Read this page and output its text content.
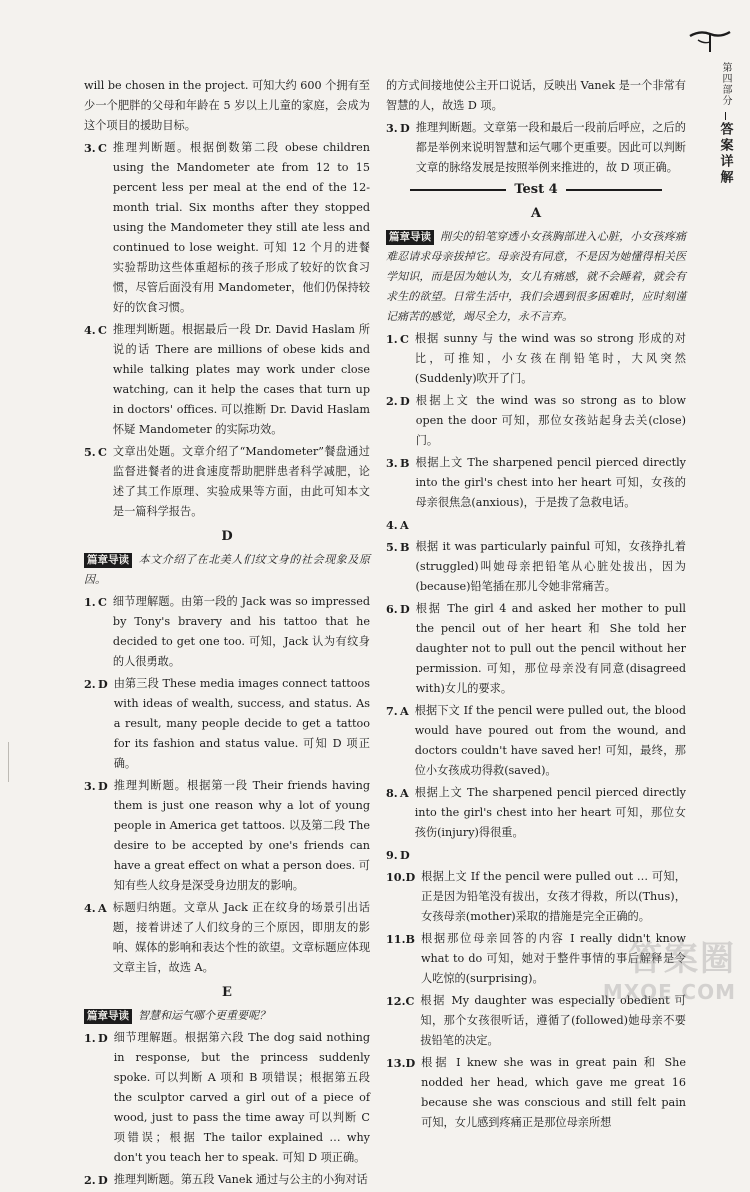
第四部分
答案详解

will be chosen in the project. 可知大约 600 个拥有至少一个肥胖的父母和年龄在 5 岁以上儿童的家庭，会成为这个项目的援助目标。

3. C 推理判断题。根据倒数第二段 obese children using the Mandometer ate from 12 to 15 percent less per meal at the end of the 12-month trial. Six months after they stopped using the Mandometer they still ate less and continued to lose weight. 可知 12 个月的进餐实验帮助这些体重超标的孩子形成了较好的饮食习惯，尽管后面没有用 Mandometer，他们仍保持较好的饮食习惯。
4. C 推理判断题。根据最后一段 Dr. David Haslam 所说的话 There are millions of obese kids and while talking plates may work under close watching, can it help the cases that turn up in doctors' offices. 可以推断 Dr. David Haslam 怀疑 Mandometer 的实际功效。
5. C 文章出处题。文章介绍了“Mandometer”餐盘通过监督进餐者的进食速度帮助肥胖患者科学减肥，论述了其工作原理、实验成果等方面，由此可知本文是一篇科学报告。
D
篇章导读 本文介绍了在北美人们纹文身的社会现象及原因。
1. C 细节理解题。由第一段的 Jack was so impressed by Tony's bravery and his tattoo that he decided to get one too. 可知，Jack 认为有纹身的人很勇敢。
2. D 由第三段 These media images connect tattoos with ideas of wealth, success, and status. As a result, many people decide to get a tattoo for its fashion and status value. 可知 D 项正确。
3. D 推理判断题。根据第一段 Their friends having them is just one reason why a lot of young people in America get tattoos. 以及第二段 The desire to be accepted by one's friends can have a great effect on what a person does. 可知有些人纹身是深受身边朋友的影响。
4. A 标题归纳题。文章从 Jack 正在纹身的场景引出话题，接着讲述了人们纹身的三个原因，即朋友的影响、媒体的影响和表达个性的欲望。文章标题应体现文章主旨，故选 A。
E
篇章导读 智慧和运气哪个更重要呢？
1. D 细节理解题。根据第六段 The dog said nothing in response, but the princess suddenly spoke. 可以判断 A 项和 B 项错误；根据第五段 the sculptor carved a girl out of a piece of wood, just to pass the time away 可以判断 C 项错误；根据 The tailor explained … why don't you teach her to speak. 可知 D 项正确。
2. D 推理判断题。第五段 Vanek 通过与公主的小狗对话

的方式间接地使公主开口说话，反映出 Vanek 是一个非常有智慧的人，故选 D 项。

3. D 推理判断题。文章第一段和最后一段前后呼应，之后的都是举例来说明智慧和运气哪个更重要。因此可以判断文章的脉络发展是按照举例来推进的，故 D 项正确。
Test 4
A
篇章导读 削尖的铅笔穿透小女孩胸部进入心脏，小女孩疼痛难忍请求母亲拔掉它。母亲没有同意，不是因为她懂得相关医学知识，而是因为她认为，女儿有痛感，就不会睡着，就会有求生的欲望。日常生活中，我们会遇到很多困难时，应时刻谨记痛苦的感觉，竭尽全力，永不言弃。
1. C 根据 sunny 与 the wind was so strong 形成的对比，可推知，小女孩在削铅笔时，大风突然(Suddenly)吹开了门。
2. D 根据上文 the wind was so strong as to blow open the door 可知，那位女孩站起身去关(close)门。
3. B 根据上文 The sharpened pencil pierced directly into the girl's chest into her heart 可知，女孩的母亲很焦急(anxious)，于是拨了急救电话。
4. A
5. B 根据 it was particularly painful 可知，女孩挣扎着(struggled)叫她母亲把铅笔从心脏处拔出，因为(because)铅笔插在那儿令她非常痛苦。
6. D 根据 The girl 4 and asked her mother to pull the pencil out of her heart 和 She told her daughter not to pull out the pencil without her permission. 可知，那位母亲没有同意(disagreed with)女儿的要求。
7. A 根据下文 If the pencil were pulled out, the blood would have poured out from the wound, and doctors couldn't have saved her! 可知，最终，那位小女孩成功得救(saved)。
8. A 根据上文 The sharpened pencil pierced directly into the girl's chest into her heart 可知，那位女孩伤(injury)得很重。
9. D
10. D 根据上文 If the pencil were pulled out … 可知，正是因为铅笔没有拔出，女孩才得救，所以(Thus)，女孩母亲(mother)采取的措施是完全正确的。
11. B 根据那位母亲回答的内容 I really didn't know what to do 可知，她对于整件事情的事后解释是令人吃惊的(surprising)。
12. C 根据 My daughter was especially obedient 可知，那个女孩很听话，遵循了(followed)她母亲不要拔铅笔的决定。
13. D 根据 I knew she was in great pain 和 She nodded her head, which gave me great 16 because she was conscious and still felt pain 可知，女儿感到疼痛正是那位母亲所想
答案圈
MXQE.COM
